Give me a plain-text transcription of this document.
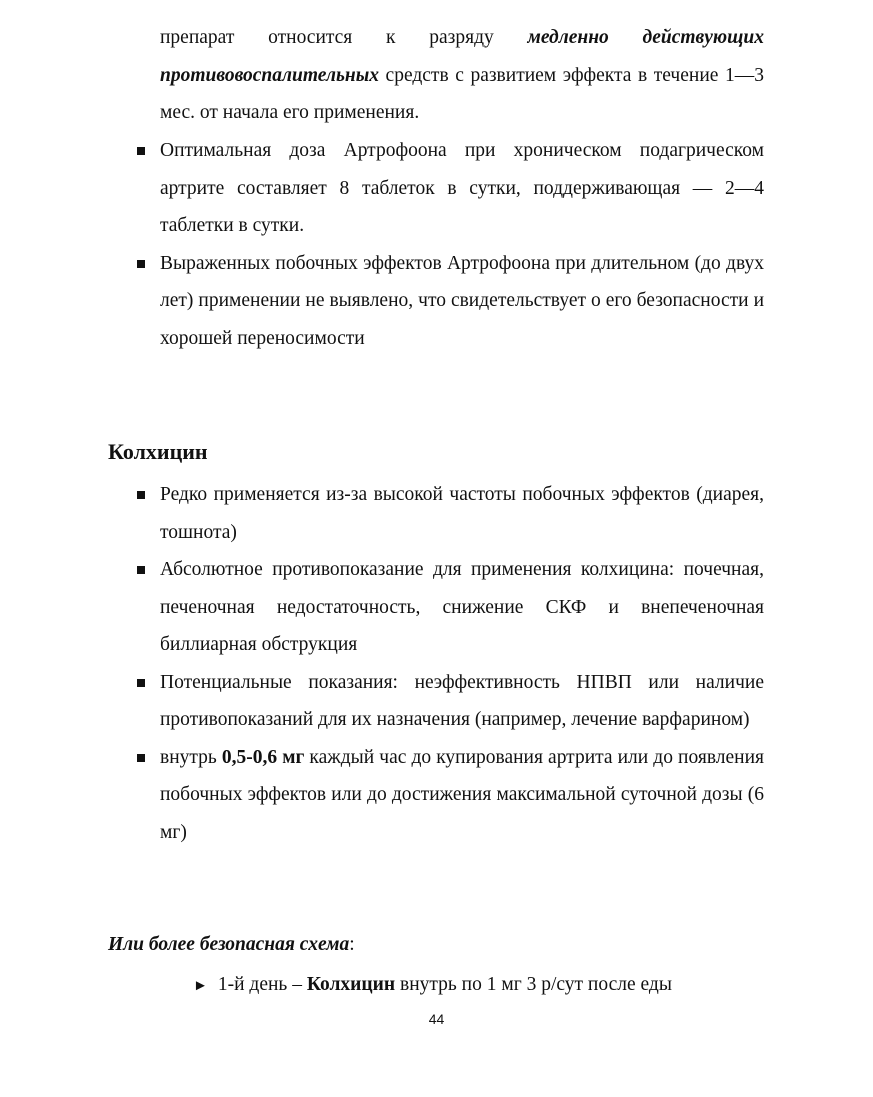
препарат относится к разряду медленно действующих противовоспалительных средств с развитием эффекта в течение 1—3 мес. от начала его применения.

Оптимальная доза Артрофоона при хроническом подагрическом артрите составляет 8 таблеток в сутки, поддерживающая — 2—4 таблетки в сутки.
Выраженных побочных эффектов Артрофоона при длительном (до двух лет) применении не выявлено, что свидетельствует о его безопасности и хорошей переносимости
Колхицин
Редко применяется из-за высокой частоты побочных эффектов (диарея, тошнота)
Абсолютное противопоказание для применения колхицина: почечная, печеночная недостаточность, снижение СКФ и внепеченочная биллиарная обструкция
Потенциальные показания: неэффективность НПВП или наличие противопоказаний для их назначения (например, лечение варфарином)
внутрь 0,5-0,6 мг каждый час до купирования артрита или до появления побочных эффектов или до достижения максимальной суточной дозы (6 мг)
Или более безопасная схема:
► 1-й день – Колхицин внутрь по 1 мг 3 р/сут после еды
44
